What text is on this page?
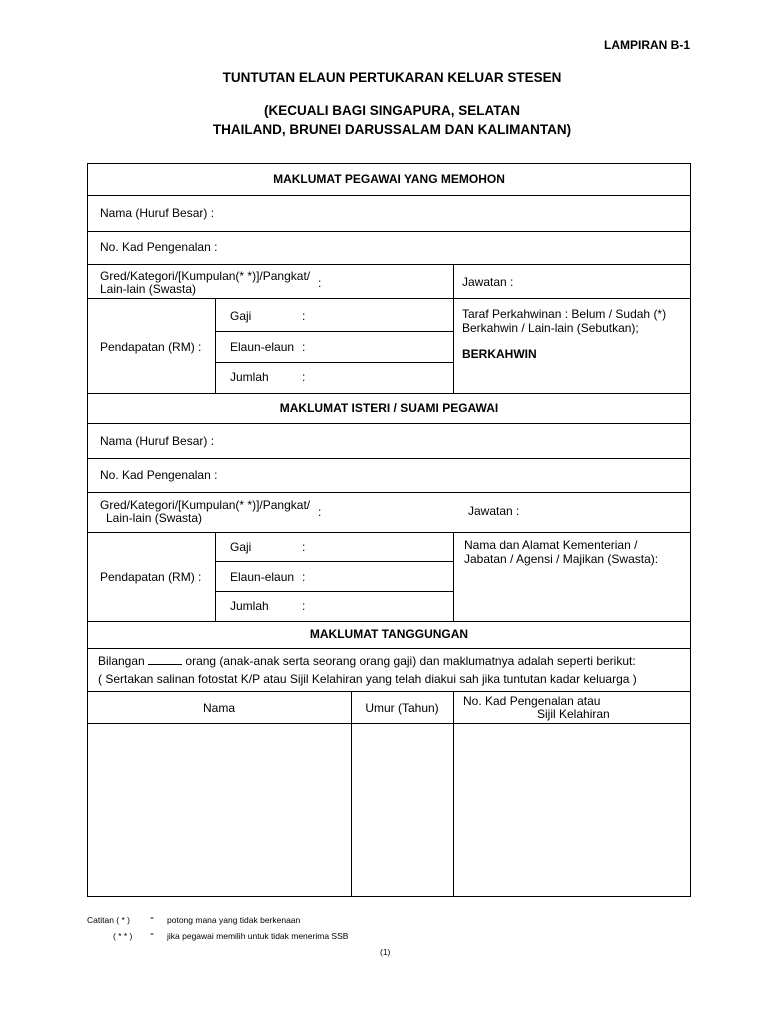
LAMPIRAN B-1
TUNTUTAN ELAUN PERTUKARAN KELUAR STESEN
(KECUALI BAGI SINGAPURA, SELATAN
THAILAND, BRUNEI DARUSSALAM DAN KALIMANTAN)
MAKLUMAT PEGAWAI YANG MEMOHON
Nama (Huruf Besar) :
No. Kad Pengenalan :
Gred/Kategori/[Kumpulan(* *)]/Pangkat/
Lain-lain (Swasta)	:	Jawatan :
Pendapatan (RM) :
Gaji	:
Elaun-elaun :
Jumlah	:
Taraf Perkahwinan : Belum / Sudah (*)
Berkahwin / Lain-lain (Sebutkan);
BERKAHWIN
MAKLUMAT ISTERI / SUAMI PEGAWAI
Nama (Huruf Besar) :
No. Kad Pengenalan :
Gred/Kategori/[Kumpulan(* *)]/Pangkat/
Lain-lain (Swasta)	:	Jawatan :
Pendapatan (RM) :
Gaji	:
Elaun-elaun :
Jumlah	:
Nama dan Alamat Kementerian /
Jabatan / Agensi / Majikan (Swasta):
MAKLUMAT TANGGUNGAN
Bilangan	orang (anak-anak serta seorang orang gaji) dan maklumatnya adalah seperti berikut:
( Sertakan salinan fotostat K/P atau Sijil Kelahiran yang telah diakui sah jika tuntutan kadar keluarga )
Nama	Umur (Tahun)	No. Kad Pengenalan atau
Sijil Kelahiran
Catitan ( * ) - potong mana yang tidak berkenaan
( * * ) - jika pegawai memilih untuk tidak menerima SSB
(1)
